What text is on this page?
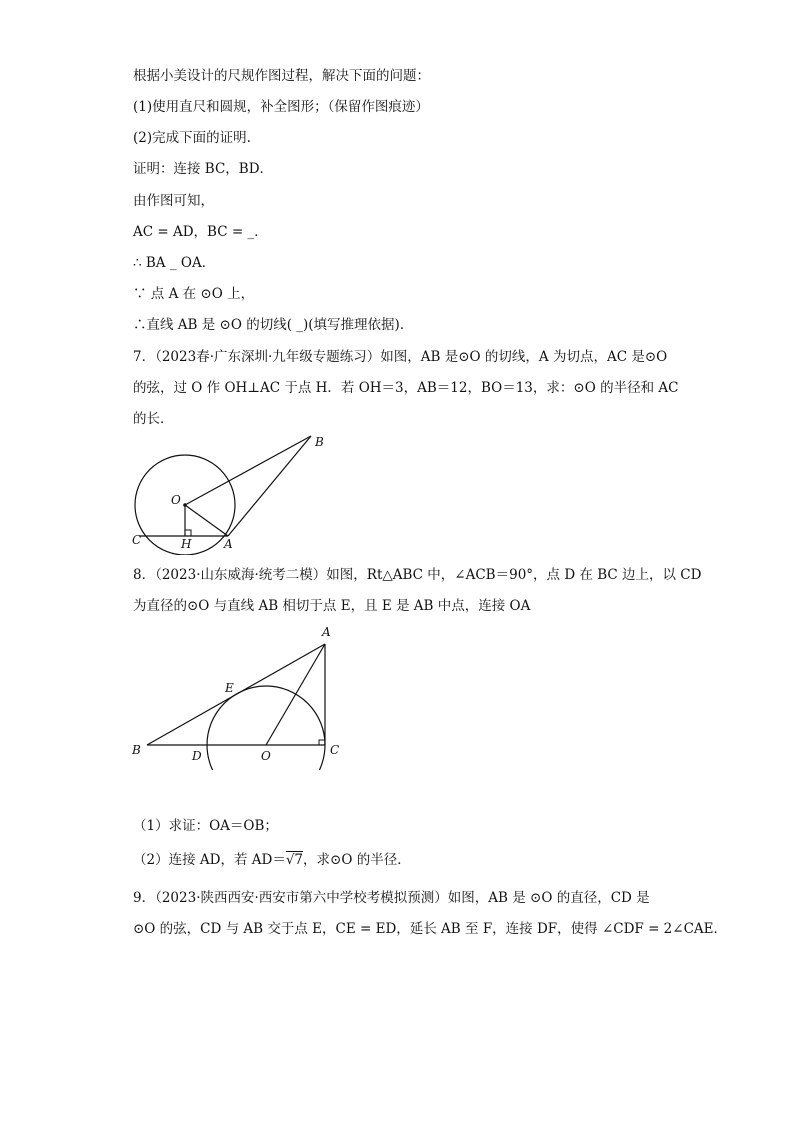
根据小美设计的尺规作图过程，解决下面的问题：
(1)使用直尺和圆规，补全图形；（保留作图痕迹）
(2)完成下面的证明.
证明：连接 BC，BD．
由作图可知，
AC = AD，BC = _．
∴ BA _ OA．
∵ 点 A 在 ⊙O 上，
∴直线 AB 是 ⊙O 的切线( _)(填写推理依据)．
7．（2023春·广东深圳·九年级专题练习）如图，AB 是⊙O 的切线，A 为切点，AC 是⊙O
的弦，过 O 作 OH⊥AC 于点 H．若 OH＝3，AB＝12，BO＝13，求：⊙O 的半径和 AC
的长．
B
O
C	H	A
8．（2023·山东威海·统考二模）如图，Rt△ABC 中，∠ACB＝90°，点 D 在 BC 边上，以 CD
为直径的⊙O 与直线 AB 相切于点 E，且 E 是 AB 中点，连接 OA
A
E
B	D	O	C
（1）求证：OA＝OB；
（2）连接 AD，若 AD＝√7，求⊙O 的半径．
9．（2023·陕西西安·西安市第六中学校考模拟预测）如图，AB 是 ⊙O 的直径，CD 是
⊙O 的弦，CD 与 AB 交于点 E，CE = ED，延长 AB 至 F，连接 DF，使得 ∠CDF = 2∠CAE．
